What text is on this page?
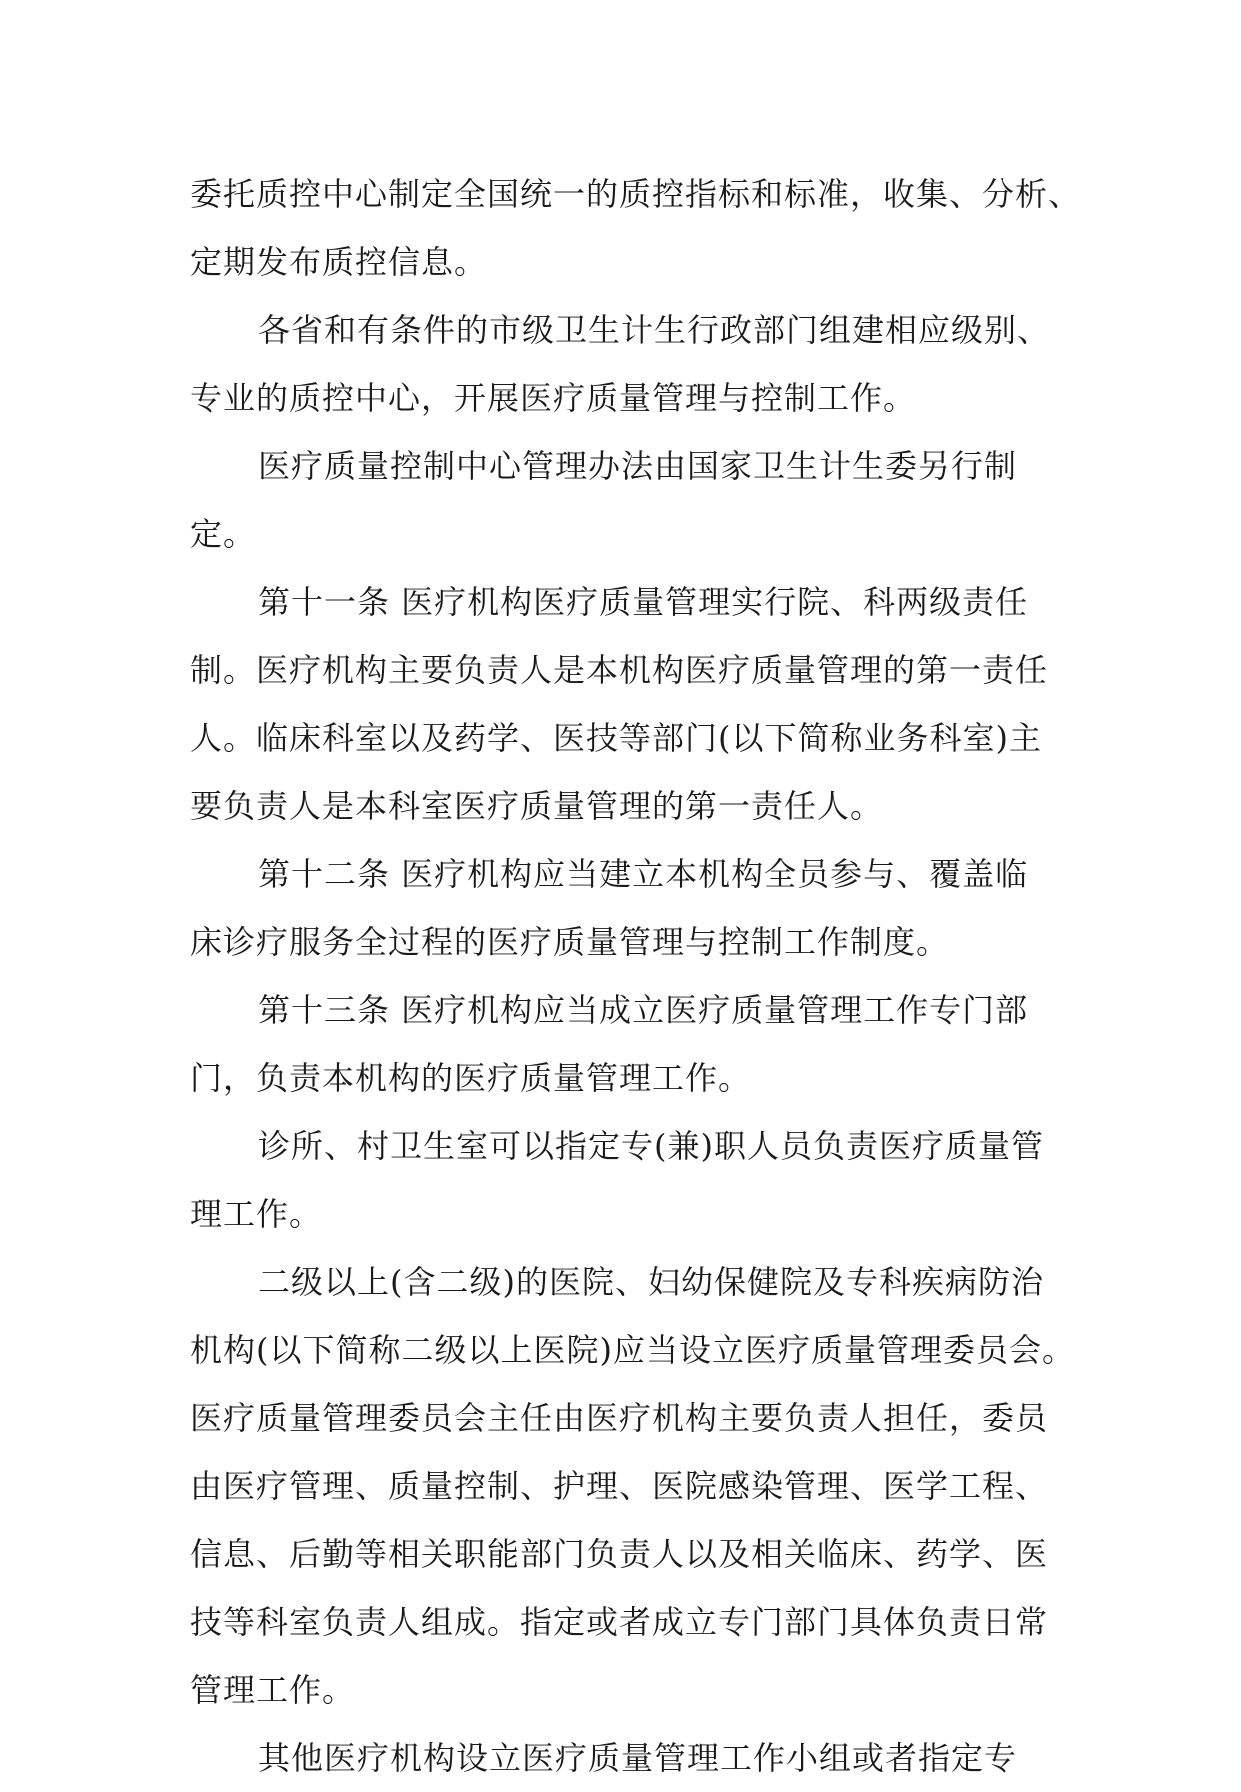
委托质控中心制定全国统一的质控指标和标准，收集、分析、
定期发布质控信息。
各省和有条件的市级卫生计生行政部门组建相应级别、
专业的质控中心，开展医疗质量管理与控制工作。
医疗质量控制中心管理办法由国家卫生计生委另行制
定。
第十一条 医疗机构医疗质量管理实行院、科两级责任
制。医疗机构主要负责人是本机构医疗质量管理的第一责任
人。临床科室以及药学、医技等部门(以下简称业务科室)主
要负责人是本科室医疗质量管理的第一责任人。
第十二条 医疗机构应当建立本机构全员参与、覆盖临
床诊疗服务全过程的医疗质量管理与控制工作制度。
第十三条 医疗机构应当成立医疗质量管理工作专门部
门，负责本机构的医疗质量管理工作。
诊所、村卫生室可以指定专(兼)职人员负责医疗质量管
理工作。
二级以上(含二级)的医院、妇幼保健院及专科疾病防治
机构(以下简称二级以上医院)应当设立医疗质量管理委员会。
医疗质量管理委员会主任由医疗机构主要负责人担任，委员
由医疗管理、质量控制、护理、医院感染管理、医学工程、
信息、后勤等相关职能部门负责人以及相关临床、药学、医
技等科室负责人组成。指定或者成立专门部门具体负责日常
管理工作。
其他医疗机构设立医疗质量管理工作小组或者指定专
